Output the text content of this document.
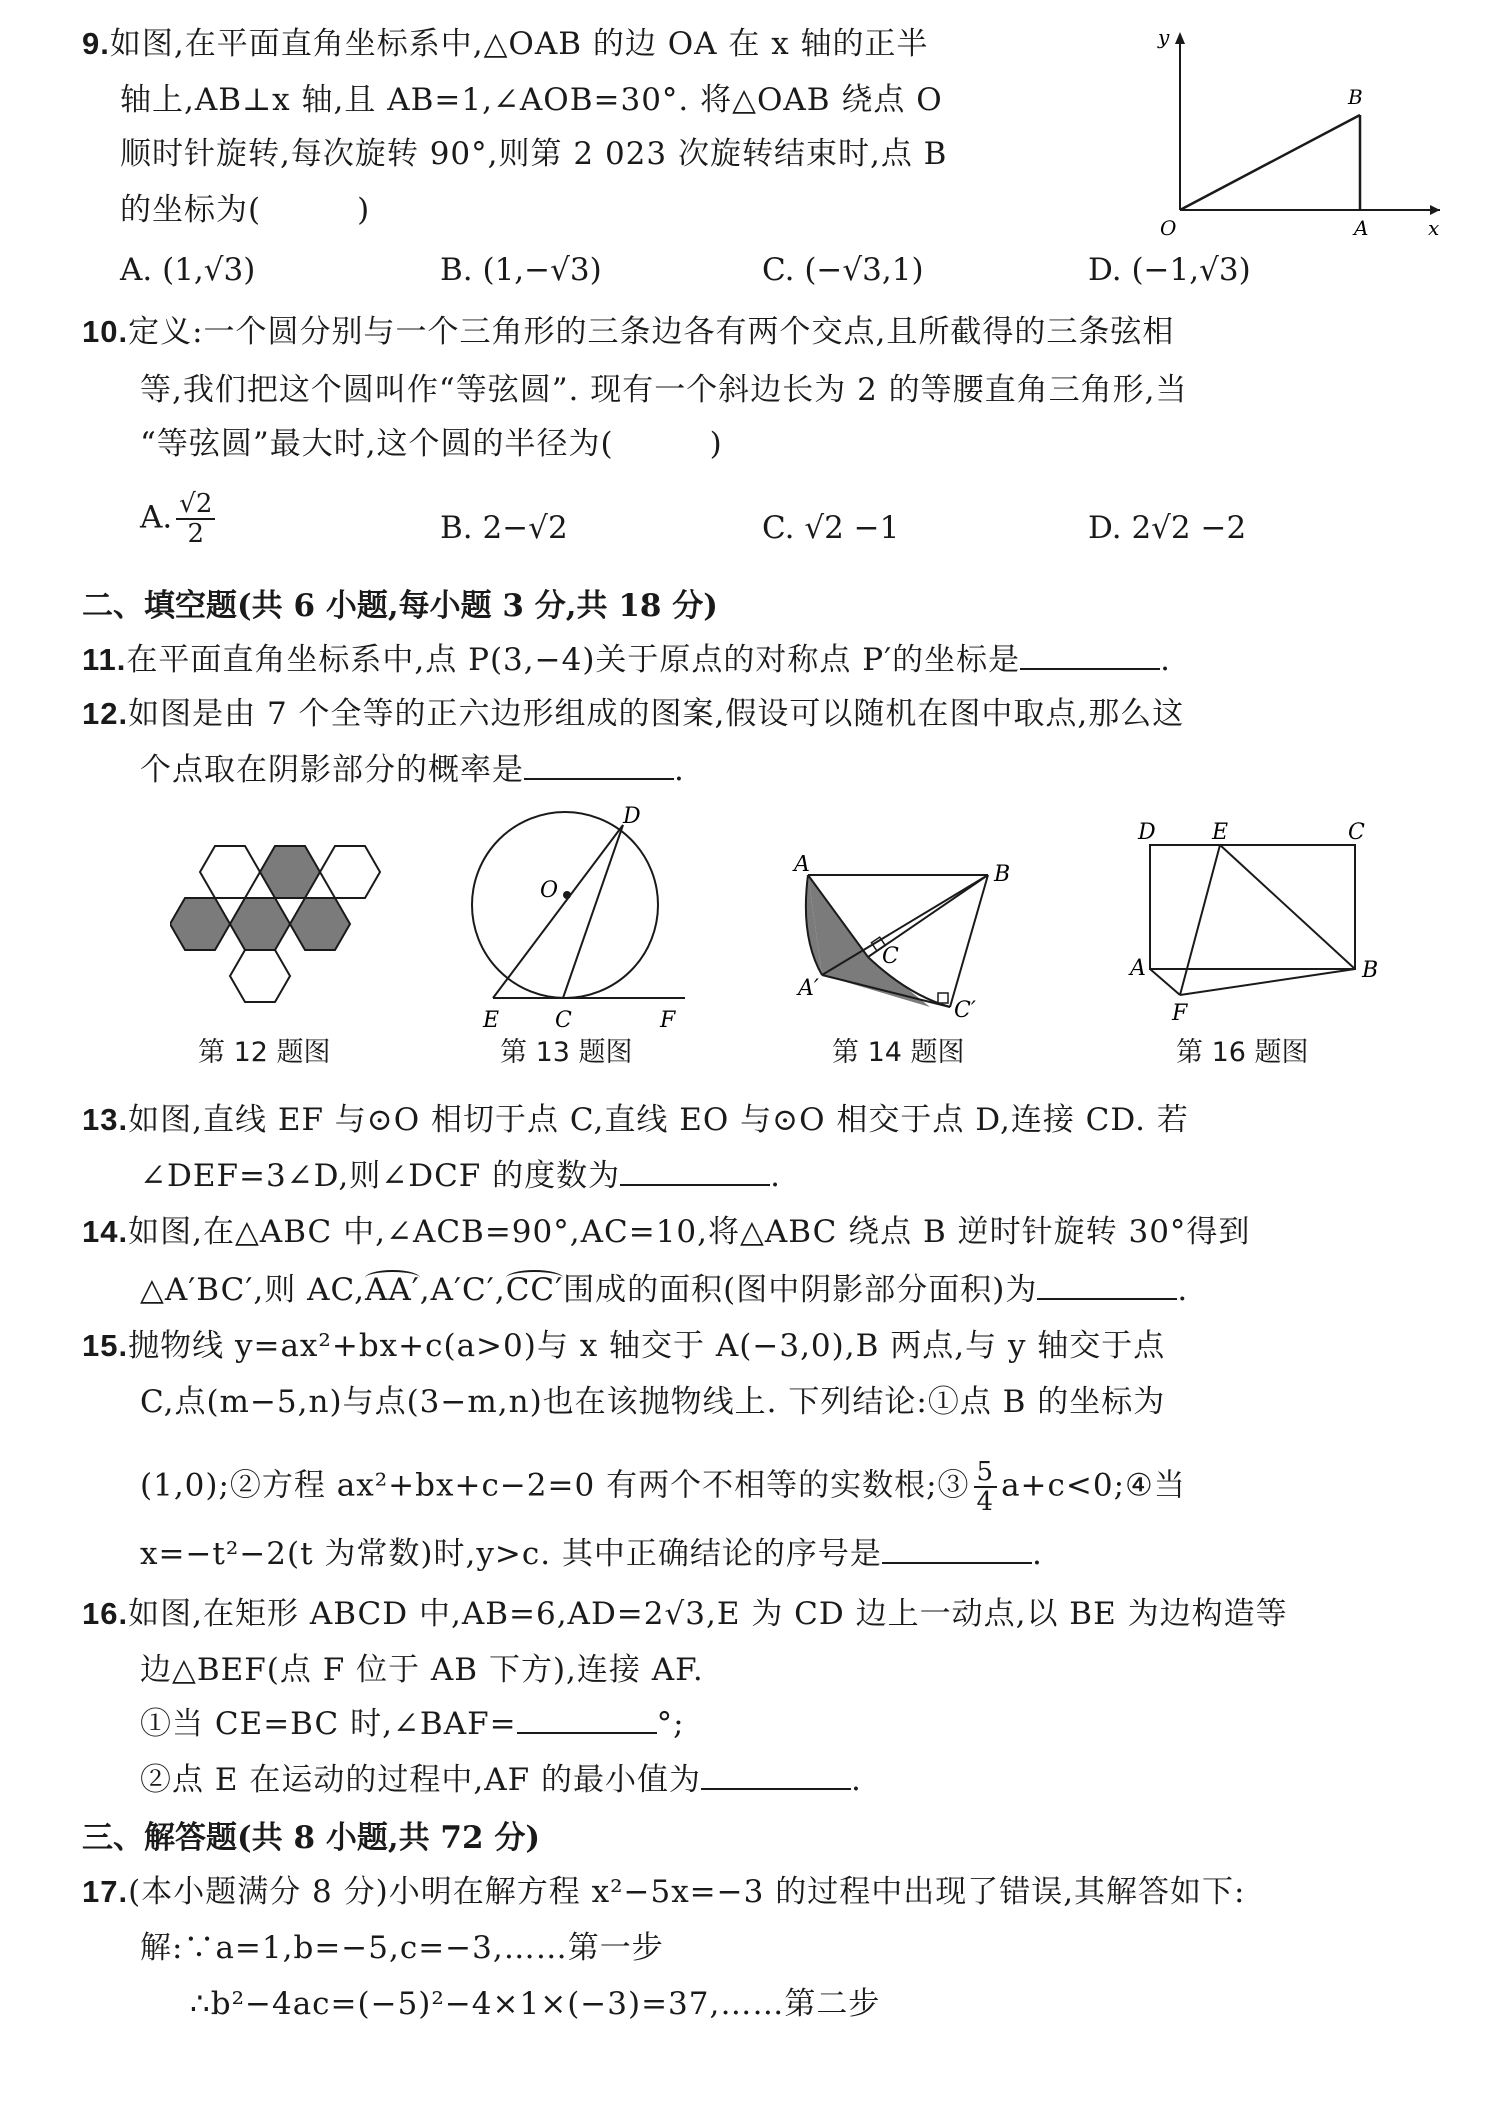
9.如图,在平面直角坐标系中,△OAB 的边 OA 在 x 轴的正半
轴上,AB⊥x 轴,且 AB=1,∠AOB=30°. 将△OAB 绕点 O
顺时针旋转,每次旋转 90°,则第 2 023 次旋转结束时,点 B
的坐标为(　　　)
y
x
O	A
B
A. (1,√3)	B. (1,−√3)	C. (−√3,1)	D. (−1,√3)
10.定义:一个圆分别与一个三角形的三条边各有两个交点,且所截得的三条弦相
等,我们把这个圆叫作“等弦圆”. 现有一个斜边长为 2 的等腰直角三角形,当
“等弦圆”最大时,这个圆的半径为(　　　)
A. $\frac{√2}{2}$	B. 2−√2	C. √2 −1	D. 2√2 −2
二、填空题(共 6 小题,每小题 3 分,共 18 分)
11.在平面直角坐标系中,点 P(3,−4)关于原点的对称点 P′的坐标是	.
12.如图是由 7 个全等的正六边形组成的图案,假设可以随机在图中取点,那么这
个点取在阴影部分的概率是	.
D
O
E	C	F
A	B
C
A′
C′
D	E	C
A	B
F
第 12 题图	第 13 题图	第 14 题图	第 16 题图
13.如图,直线 EF 与⊙O 相切于点 C,直线 EO 与⊙O 相交于点 D,连接 CD. 若
∠DEF=3∠D,则∠DCF 的度数为	.
14.如图,在△ABC 中,∠ACB=90°,AC=10,将△ABC 绕点 B 逆时针旋转 30°得到
△A′BC′,则 AC,AA′,A′C′,CC′围成的面积(图中阴影部分面积)为	.
15.抛物线 y=ax²+bx+c(a>0)与 x 轴交于 A(−3,0),B 两点,与 y 轴交于点
C,点(m−5,n)与点(3−m,n)也在该抛物线上. 下列结论:①点 B 的坐标为
(1,0);②方程 ax²+bx+c−2=0 有两个不相等的实数根;③ $\frac{5}{4}$ a+c<0;④当
x=−t²−2(t 为常数)时,y>c. 其中正确结论的序号是	.
16.如图,在矩形 ABCD 中,AB=6,AD=2√3,E 为 CD 边上一动点,以 BE 为边构造等
边△BEF(点 F 位于 AB 下方),连接 AF.
①当 CE=BC 时,∠BAF=	°;
②点 E 在运动的过程中,AF 的最小值为	.
三、解答题(共 8 小题,共 72 分)
17.(本小题满分 8 分)小明在解方程 x²−5x=−3 的过程中出现了错误,其解答如下:
解:∵a=1,b=−5,c=−3,……第一步
∴b²−4ac=(−5)²−4×1×(−3)=37,……第二步
